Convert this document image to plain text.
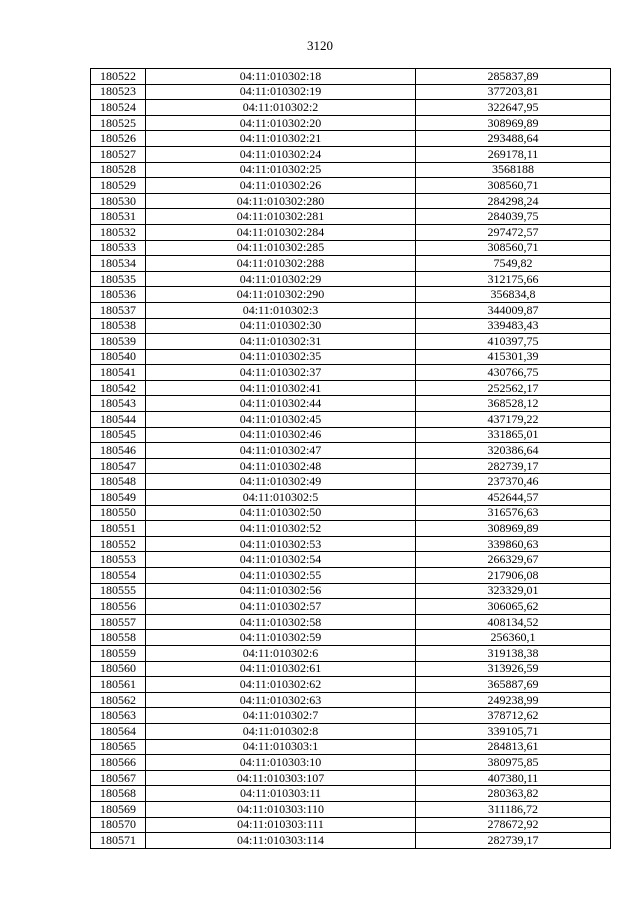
3120
180522	04:11:010302:18	285837,89
180523	04:11:010302:19	377203,81
180524	04:11:010302:2	322647,95
180525	04:11:010302:20	308969,89
180526	04:11:010302:21	293488,64
180527	04:11:010302:24	269178,11
180528	04:11:010302:25	3568188
180529	04:11:010302:26	308560,71
180530	04:11:010302:280	284298,24
180531	04:11:010302:281	284039,75
180532	04:11:010302:284	297472,57
180533	04:11:010302:285	308560,71
180534	04:11:010302:288	7549,82
180535	04:11:010302:29	312175,66
180536	04:11:010302:290	356834,8
180537	04:11:010302:3	344009,87
180538	04:11:010302:30	339483,43
180539	04:11:010302:31	410397,75
180540	04:11:010302:35	415301,39
180541	04:11:010302:37	430766,75
180542	04:11:010302:41	252562,17
180543	04:11:010302:44	368528,12
180544	04:11:010302:45	437179,22
180545	04:11:010302:46	331865,01
180546	04:11:010302:47	320386,64
180547	04:11:010302:48	282739,17
180548	04:11:010302:49	237370,46
180549	04:11:010302:5	452644,57
180550	04:11:010302:50	316576,63
180551	04:11:010302:52	308969,89
180552	04:11:010302:53	339860,63
180553	04:11:010302:54	266329,67
180554	04:11:010302:55	217906,08
180555	04:11:010302:56	323329,01
180556	04:11:010302:57	306065,62
180557	04:11:010302:58	408134,52
180558	04:11:010302:59	256360,1
180559	04:11:010302:6	319138,38
180560	04:11:010302:61	313926,59
180561	04:11:010302:62	365887,69
180562	04:11:010302:63	249238,99
180563	04:11:010302:7	378712,62
180564	04:11:010302:8	339105,71
180565	04:11:010303:1	284813,61
180566	04:11:010303:10	380975,85
180567	04:11:010303:107	407380,11
180568	04:11:010303:11	280363,82
180569	04:11:010303:110	311186,72
180570	04:11:010303:111	278672,92
180571	04:11:010303:114	282739,17
